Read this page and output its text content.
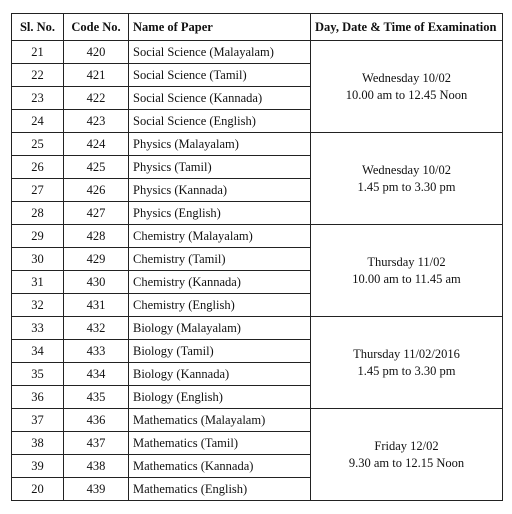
Sl. No.	Code No.	Name of Paper	Day, Date & Time of Examination
21	420	Social Science (Malayalam)	Wednesday 10/02
10.00 am to 12.45 Noon

22	421	Social Science (Tamil)	
23	422	Social Science (Kannada)	
24	423	Social Science (English)	
25	424	Physics (Malayalam)	Wednesday 10/02
1.45 pm to 3.30 pm

26	425	Physics (Tamil)	
27	426	Physics (Kannada)	
28	427	Physics (English)	
29	428	Chemistry (Malayalam)	Thursday 11/02
10.00 am to 11.45 am

30	429	Chemistry (Tamil)	
31	430	Chemistry (Kannada)	
32	431	Chemistry (English)	
33	432	Biology (Malayalam)	Thursday 11/02/2016
1.45 pm to 3.30 pm

34	433	Biology (Tamil)	
35	434	Biology (Kannada)	
36	435	Biology (English)	
37	436	Mathematics (Malayalam)	Friday 12/02
9.30 am to 12.15 Noon

38	437	Mathematics (Tamil)	
39	438	Mathematics (Kannada)	
20	439	Mathematics (English)	
